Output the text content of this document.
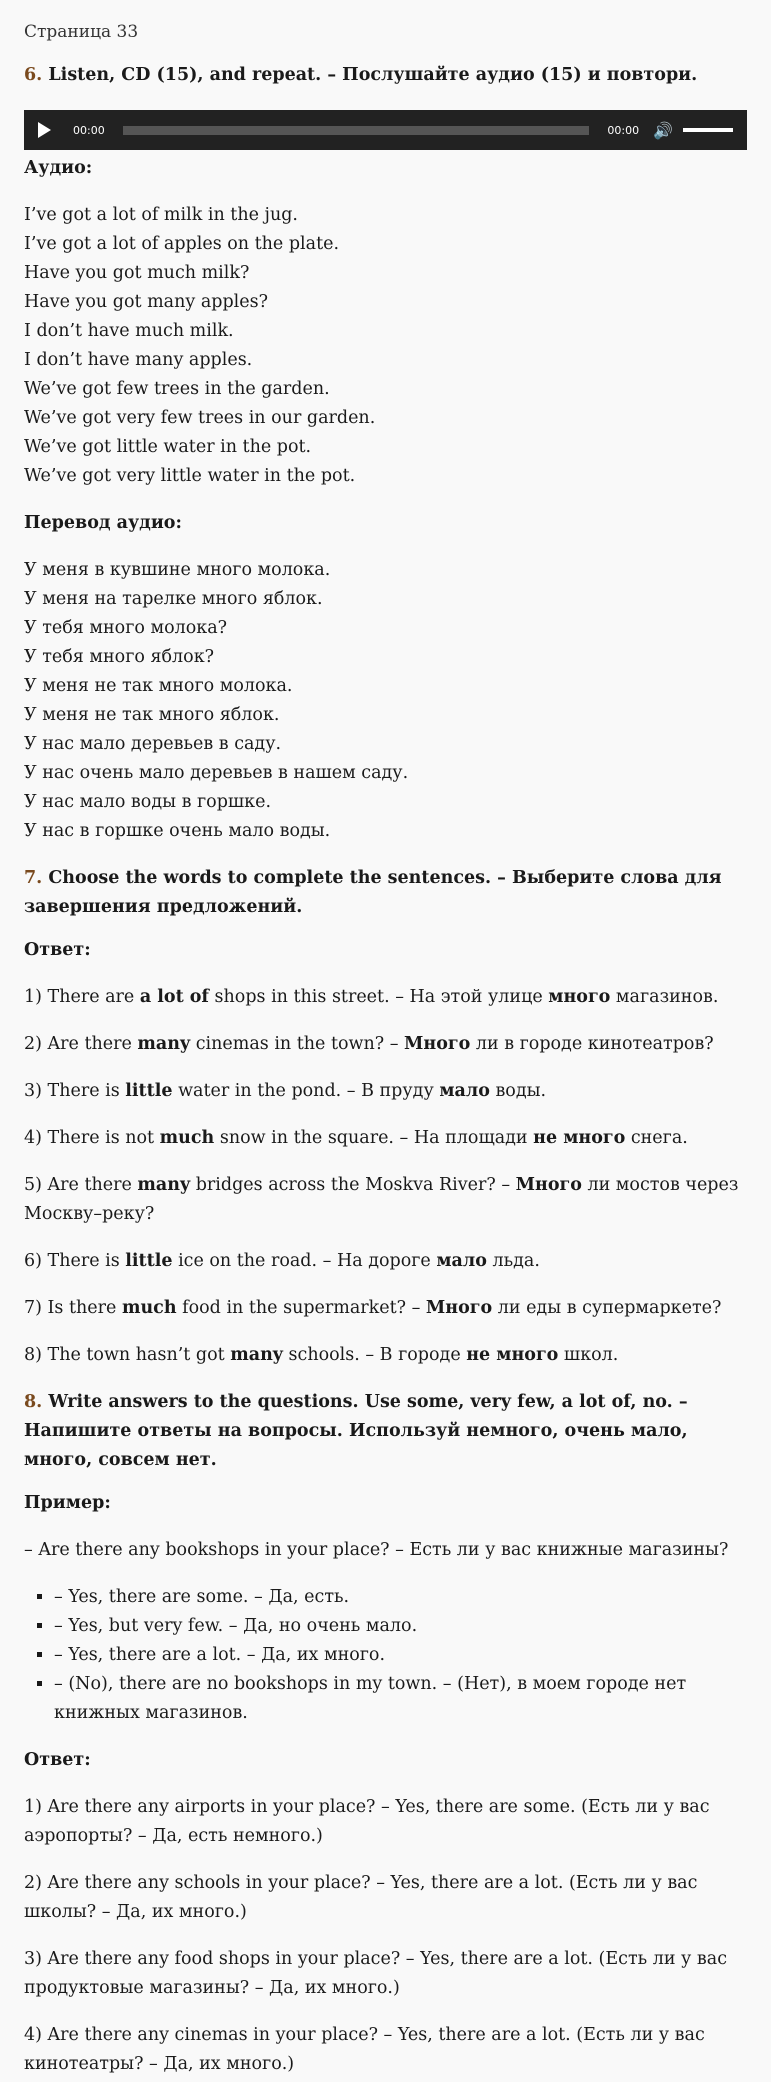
Страница 33
6. Listen, CD (15), and repeat. – Послушайте аудио (15) и повтори.
00:00	00:00 🔊
Аудио:
I’ve got a lot of milk in the jug.
I’ve got a lot of apples on the plate.
Have you got much milk?
Have you got many apples?
I don’t have much milk.
I don’t have many apples.
We’ve got few trees in the garden.
We’ve got very few trees in our garden.
We’ve got little water in the pot.
We’ve got very little water in the pot.
Перевод аудио:
У меня в кувшине много молока.
У меня на тарелке много яблок.
У тебя много молока?
У тебя много яблок?
У меня не так много молока.
У меня не так много яблок.
У нас мало деревьев в саду.
У нас очень мало деревьев в нашем саду.
У нас мало воды в горшке.
У нас в горшке очень мало воды.
7. Choose the words to complete the sentences. – Выберите слова для завершения предложений.
Ответ:

1) There are a lot of shops in this street. – На этой улице много магазинов.

2) Are there many cinemas in the town? – Много ли в городе кинотеатров?

3) There is little water in the pond. – В пруду мало воды.

4) There is not much snow in the square. – На площади не много снега.

5) Are there many bridges across the Moskva River? – Много ли мостов через Москву–реку?

6) There is little ice on the road. – На дороге мало льда.

7) Is there much food in the supermarket? – Много ли еды в супермаркете?

8) The town hasn’t got many schools. – В городе не много школ.

8. Write answers to the questions. Use some, very few, a lot of, no. – Напишите ответы на вопросы. Используй немного, очень мало, много, совсем нет.
Пример:

– Are there any bookshops in your place? – Есть ли у вас книжные магазины?

▪ – Yes, there are some. – Да, есть.
▪ – Yes, but very few. – Да, но очень мало.
▪ – Yes, there are a lot. – Да, их много.
▪ – (No), there are no bookshops in my town. – (Нет), в моем городе нет книжных магазинов.
Ответ:

1) Are there any airports in your place? – Yes, there are some. (Есть ли у вас аэропорты? – Да, есть немного.)

2) Are there any schools in your place? – Yes, there are a lot. (Есть ли у вас школы? – Да, их много.)

3) Are there any food shops in your place? – Yes, there are a lot. (Есть ли у вас продуктовые магазины? – Да, их много.)

4) Are there any cinemas in your place? – Yes, there are a lot. (Есть ли у вас кинотеатры? – Да, их много.)
